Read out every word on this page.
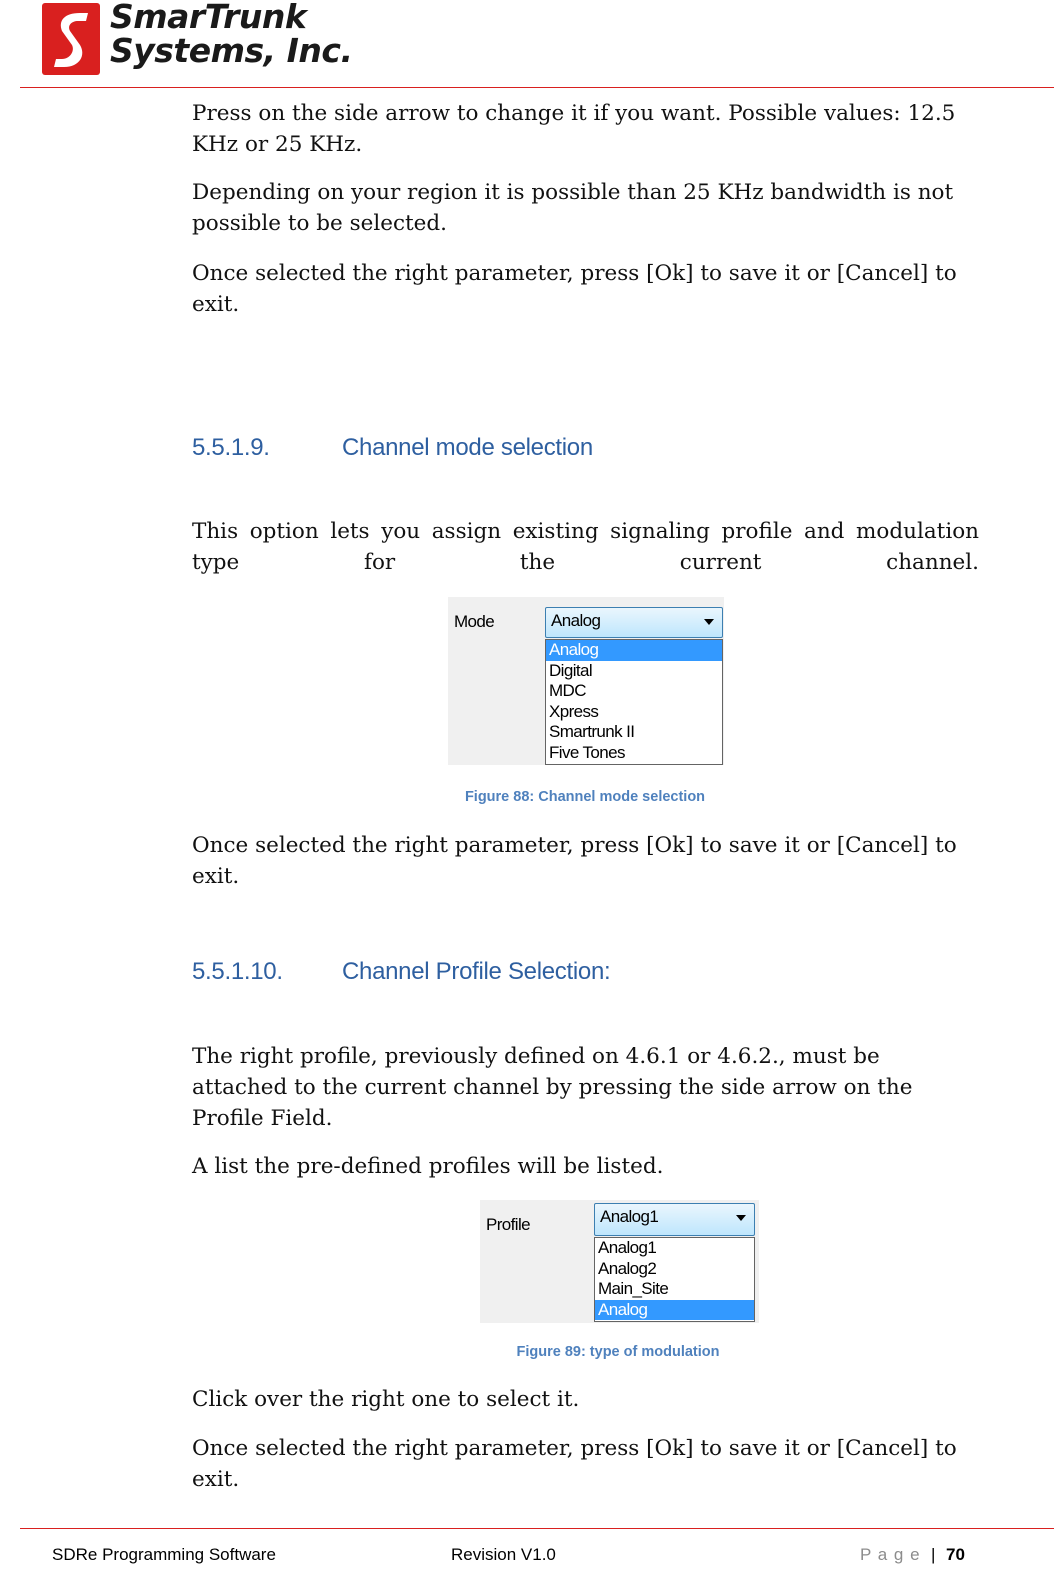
SmarTrunk
Systems, Inc.
Press on the side arrow to change it if you want. Possible values: 12.5 KHz or 25 KHz.
Depending on your region it is possible than 25 KHz bandwidth is not possible to be selected.
Once selected the right parameter, press [Ok] to save it or [Cancel] to exit.
5.5.1.9.	Channel mode selection
This option lets you assign existing signaling profile and modulation type for the current channel.
Mode	Analog
Analog
Digital
MDC
Xpress
Smartrunk II
Five Tones
Figure 88: Channel mode selection
Once selected the right parameter, press [Ok] to save it or [Cancel] to exit.
5.5.1.10. Channel Profile Selection:
The right profile, previously defined on 4.6.1 or 4.6.2., must be attached to the current channel by pressing the side arrow on the Profile Field.
A list the pre-defined profiles will be listed.
Profile	Analog1
Analog1
Analog2
Main_Site
Analog
Figure 89: type of modulation
Click over the right one to select it.
Once selected the right parameter, press [Ok] to save it or [Cancel] to exit.
SDRe Programming Software	Revision V1.0	P a g e | 70
